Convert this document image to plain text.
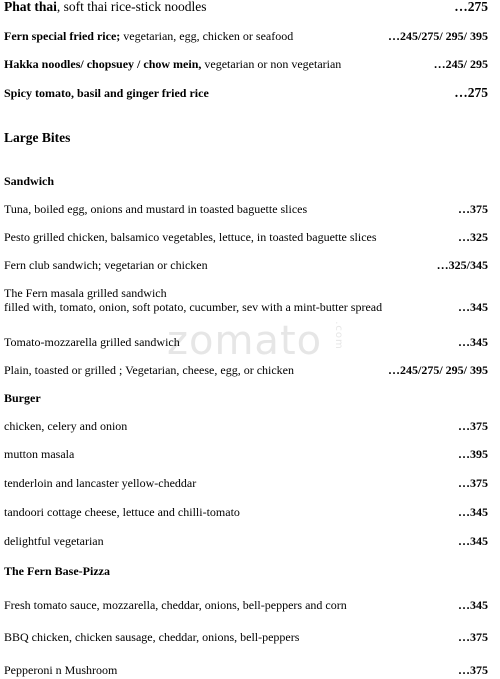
zomato .com
Phat thai, soft thai rice-stick noodles	…275
Fern special fried rice; vegetarian, egg, chicken or seafood	…245/275/ 295/ 395
Hakka noodles/ chopsuey / chow mein, vegetarian or non vegetarian	…245/ 295
Spicy tomato, basil and ginger fried rice	…275
Large Bites
Sandwich
Tuna, boiled egg, onions and mustard in toasted baguette slices	…375
Pesto grilled chicken, balsamico vegetables, lettuce, in toasted baguette slices	…325
Fern club sandwich; vegetarian or chicken	…325/345
The Fern masala grilled sandwich
filled with, tomato, onion, soft potato, cucumber, sev with a mint-butter spread	…345
Tomato-mozzarella grilled sandwich	…345
Plain, toasted or grilled ; Vegetarian, cheese, egg, or chicken	…245/275/ 295/ 395
Burger
chicken, celery and onion	…375
mutton masala	…395
tenderloin and lancaster yellow-cheddar	…375
tandoori cottage cheese, lettuce and chilli-tomato	…345
delightful vegetarian	…345
The Fern Base-Pizza
Fresh tomato sauce, mozzarella, cheddar, onions, bell-peppers and corn	…345
BBQ chicken, chicken sausage, cheddar, onions, bell-peppers	…375
Pepperoni n Mushroom	…375
